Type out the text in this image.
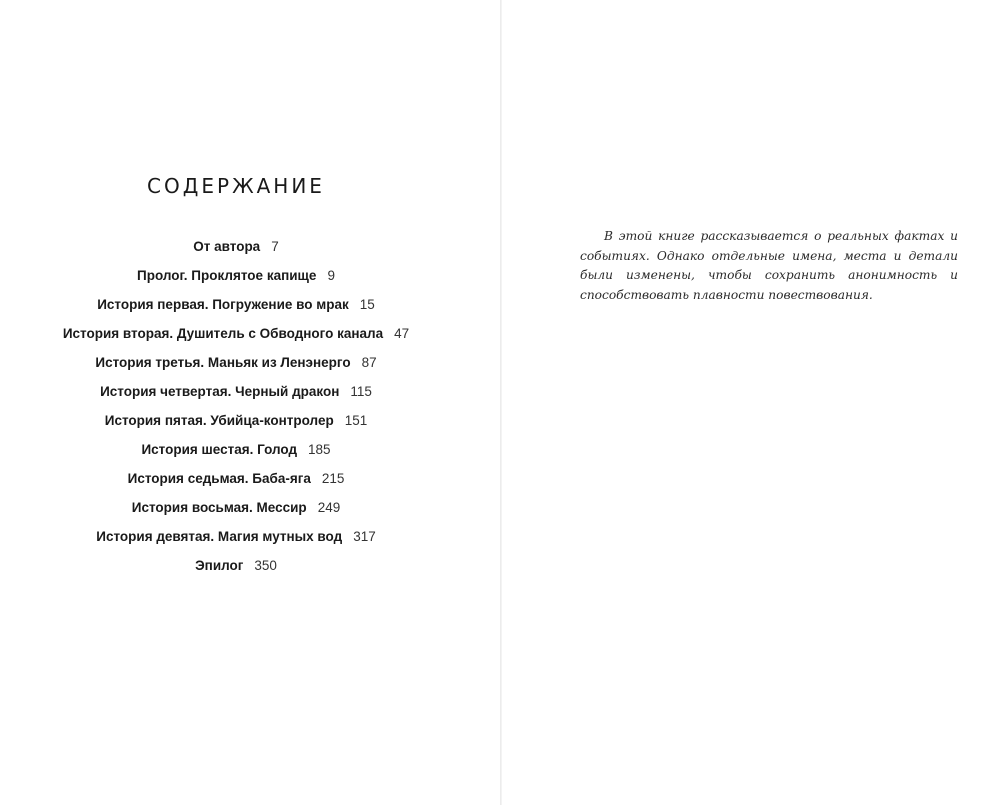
СОДЕРЖАНИЕ
От автора 7
Пролог. Проклятое капище 9
История первая. Погружение во мрак 15
История вторая. Душитель с Обводного канала 47
История третья. Маньяк из Ленэнерго 87
История четвертая. Черный дракон 115
История пятая. Убийца-контролер 151
История шестая. Голод 185
История седьмая. Баба-яга 215
История восьмая. Мессир 249
История девятая. Магия мутных вод 317
Эпилог 350

В этой книге рассказывается о реальных фактах и событиях. Однако отдельные имена, места и детали были изменены, чтобы сохранить анонимность и способствовать плавности повествования.
